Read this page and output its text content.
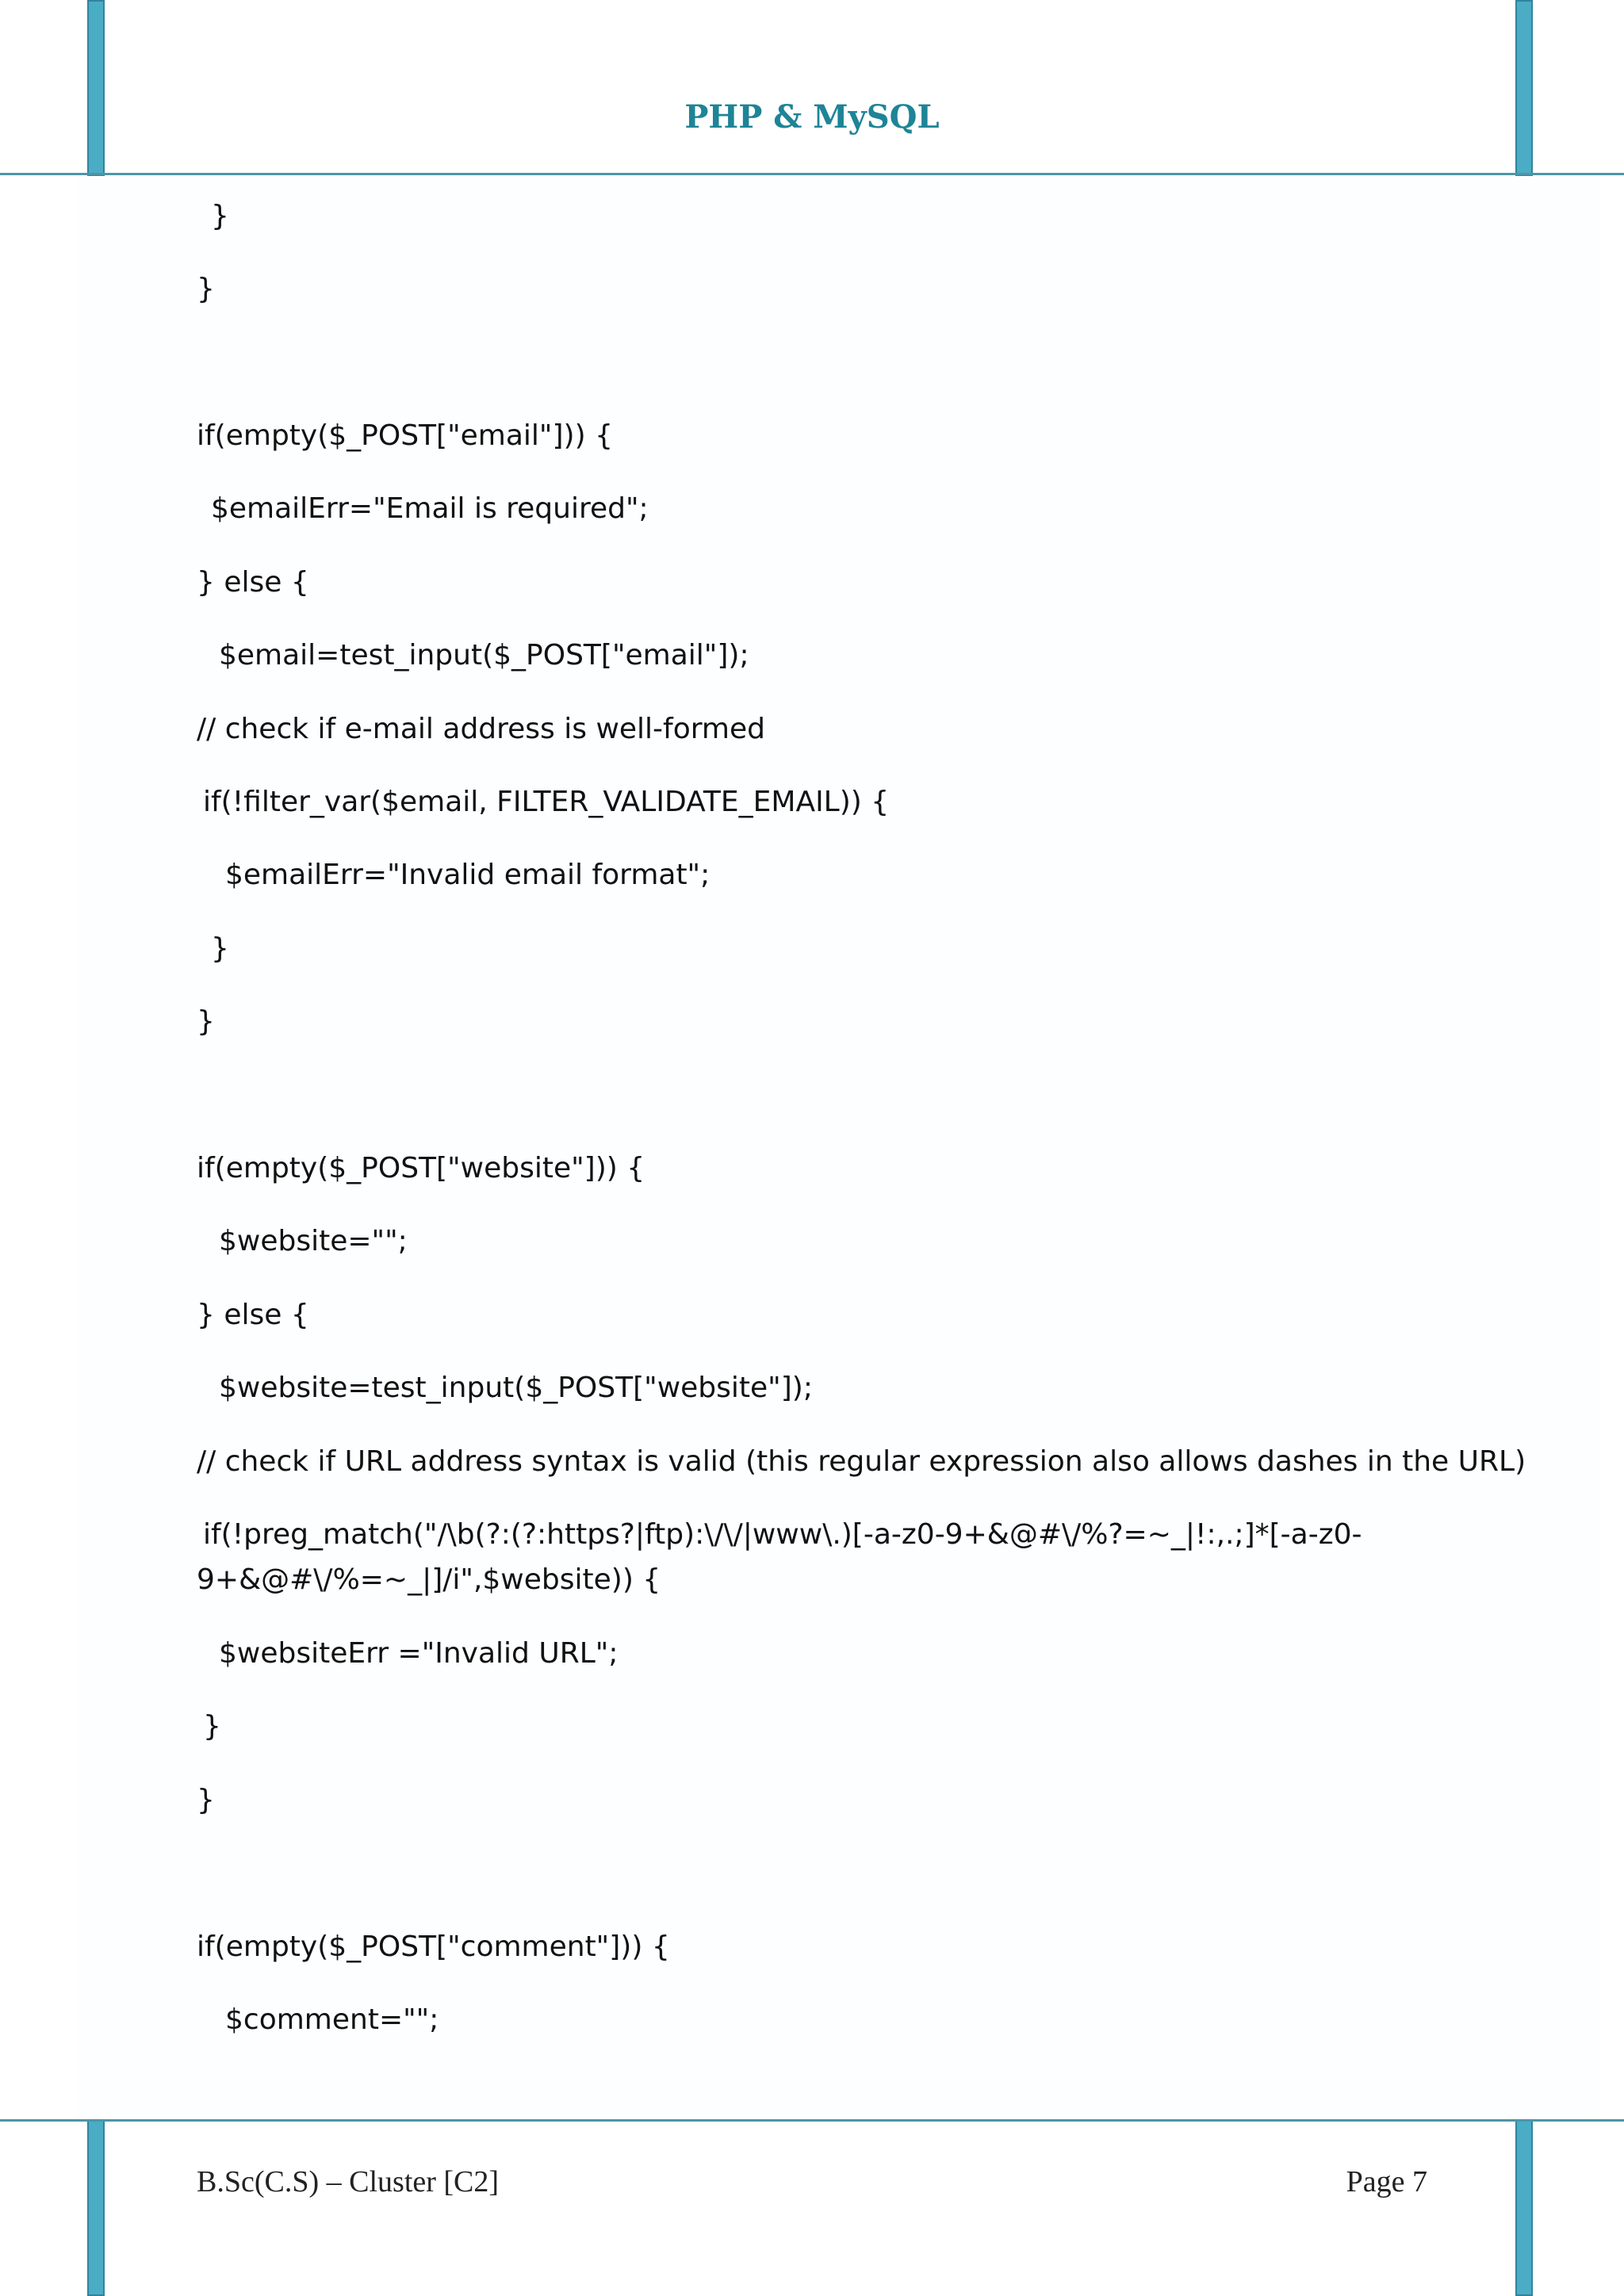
PHP & MySQL
}
}
if(empty($_POST["email"])) {
$emailErr="Email is required";
} else {
$email=test_input($_POST["email"]);
// check if e-mail address is well-formed
if(!filter_var($email, FILTER_VALIDATE_EMAIL)) {
$emailErr="Invalid email format";
}
}
if(empty($_POST["website"])) {
$website="";
} else {
$website=test_input($_POST["website"]);
// check if URL address syntax is valid (this regular expression also allows dashes in the URL)
if(!preg_match("/\b(?:(?:https?|ftp):\/\/|www\.)[-a-z0-9+&@#\/%?=~_|!:,.;]*[-a-z0-
9+&@#\/%=~_|]/i",$website)) {
$websiteErr ="Invalid URL";
}
}
if(empty($_POST["comment"])) {
$comment="";
B.Sc(C.S) – Cluster [C2]	Page 7
